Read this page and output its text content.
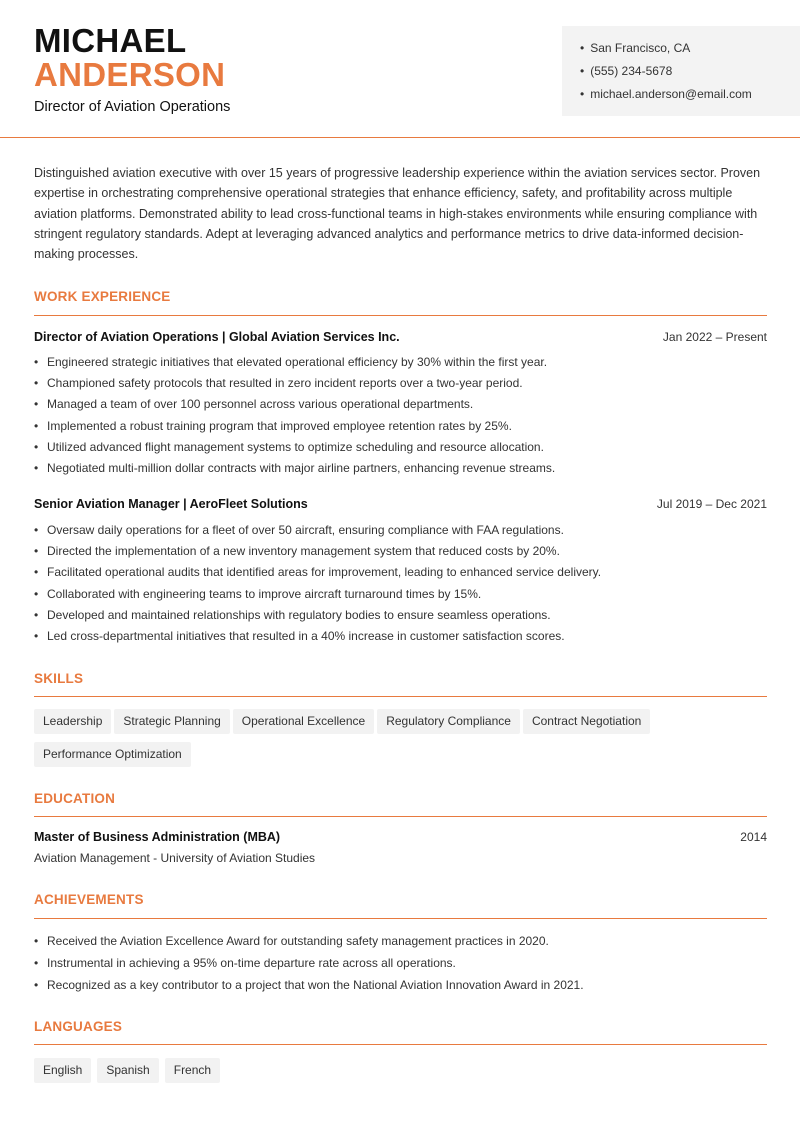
MICHAEL
ANDERSON
Director of Aviation Operations
• San Francisco, CA
• (555) 234-5678
• michael.anderson@email.com
Distinguished aviation executive with over 15 years of progressive leadership experience within the aviation services sector. Proven expertise in orchestrating comprehensive operational strategies that enhance efficiency, safety, and profitability across multiple aviation platforms. Demonstrated ability to lead cross-functional teams in high-stakes environments while ensuring compliance with stringent regulatory standards. Adept at leveraging advanced analytics and performance metrics to drive data-informed decision-making processes.
WORK EXPERIENCE
Director of Aviation Operations | Global Aviation Services Inc.	Jan 2022 – Present
• Engineered strategic initiatives that elevated operational efficiency by 30% within the first year.
• Championed safety protocols that resulted in zero incident reports over a two-year period.
• Managed a team of over 100 personnel across various operational departments.
• Implemented a robust training program that improved employee retention rates by 25%.
• Utilized advanced flight management systems to optimize scheduling and resource allocation.
• Negotiated multi-million dollar contracts with major airline partners, enhancing revenue streams.
Senior Aviation Manager | AeroFleet Solutions	Jul 2019 – Dec 2021
• Oversaw daily operations for a fleet of over 50 aircraft, ensuring compliance with FAA regulations.
• Directed the implementation of a new inventory management system that reduced costs by 20%.
• Facilitated operational audits that identified areas for improvement, leading to enhanced service delivery.
• Collaborated with engineering teams to improve aircraft turnaround times by 15%.
• Developed and maintained relationships with regulatory bodies to ensure seamless operations.
• Led cross-departmental initiatives that resulted in a 40% increase in customer satisfaction scores.
SKILLS
Leadership Strategic Planning Operational Excellence Regulatory Compliance Contract Negotiation
Performance Optimization
EDUCATION
Master of Business Administration (MBA)	2014
Aviation Management - University of Aviation Studies
ACHIEVEMENTS
• Received the Aviation Excellence Award for outstanding safety management practices in 2020.
• Instrumental in achieving a 95% on-time departure rate across all operations.
• Recognized as a key contributor to a project that won the National Aviation Innovation Award in 2021.
LANGUAGES
English Spanish French
